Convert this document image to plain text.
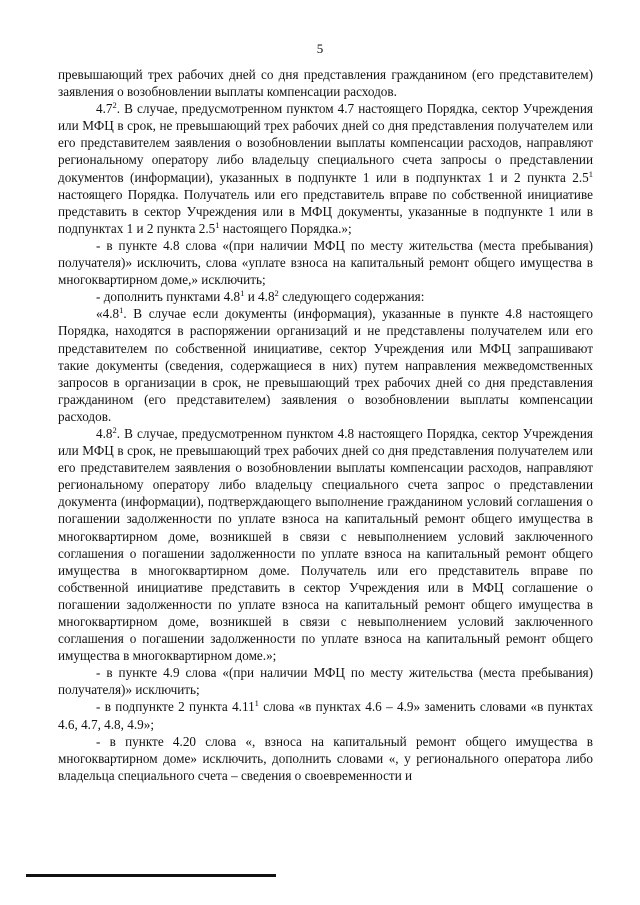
5

превышающий трех рабочих дней со дня представления гражданином (его представителем) заявления о возобновлении выплаты компенсации расходов.

$4.7^2$. В случае, предусмотренном пунктом 4.7 настоящего Порядка, сектор Учреждения или МФЦ в срок, не превышающий трех рабочих дней со дня представления получателем или его представителем заявления о возобновлении выплаты компенсации расходов, направляют региональному оператору либо владельцу специального счета запросы о представлении документов (информации), указанных в подпункте 1 или в подпунктах 1 и 2 пункта $2.5^1$ настоящего Порядка. Получатель или его представитель вправе по собственной инициативе представить в сектор Учреждения или в МФЦ документы, указанные в подпункте 1 или в подпунктах 1 и 2 пункта $2.5^1$ настоящего Порядка.»;

- в пункте 4.8 слова «(при наличии МФЦ по месту жительства (места пребывания) получателя)» исключить, слова «уплате взноса на капитальный ремонт общего имущества в многоквартирном доме,» исключить;

- дополнить пунктами $4.8^1$ и $4.8^2$ следующего содержания:

«$4.8^1$. В случае если документы (информация), указанные в пункте 4.8 настоящего Порядка, находятся в распоряжении организаций и не представлены получателем или его представителем по собственной инициативе, сектор Учреждения или МФЦ запрашивают такие документы (сведения, содержащиеся в них) путем направления межведомственных запросов в организации в срок, не превышающий трех рабочих дней со дня представления гражданином (его представителем) заявления о возобновлении выплаты компенсации расходов.

$4.8^2$. В случае, предусмотренном пунктом 4.8 настоящего Порядка, сектор Учреждения или МФЦ в срок, не превышающий трех рабочих дней со дня представления получателем или его представителем заявления о возобновлении выплаты компенсации расходов, направляют региональному оператору либо владельцу специального счета запрос о представлении документа (информации), подтверждающего выполнение гражданином условий соглашения о погашении задолженности по уплате взноса на капитальный ремонт общего имущества в многоквартирном доме, возникшей в связи с невыполнением условий заключенного соглашения о погашении задолженности по уплате взноса на капитальный ремонт общего имущества в многоквартирном доме. Получатель или его представитель вправе по собственной инициативе представить в сектор Учреждения или в МФЦ соглашение о погашении задолженности по уплате взноса на капитальный ремонт общего имущества в многоквартирном доме, возникшей в связи с невыполнением условий заключенного соглашения о погашении задолженности по уплате взноса на капитальный ремонт общего имущества в многоквартирном доме.»;

- в пункте 4.9 слова «(при наличии МФЦ по месту жительства (места пребывания) получателя)» исключить;

- в подпункте 2 пункта 4.11$^1$ слова «в пунктах 4.6 – 4.9» заменить словами «в пунктах 4.6, 4.7, 4.8, 4.9»;

- в пункте 4.20 слова «, взноса на капитальный ремонт общего имущества в многоквартирном доме» исключить, дополнить словами «, у регионального оператора либо владельца специального счета – сведения о своевременности и
